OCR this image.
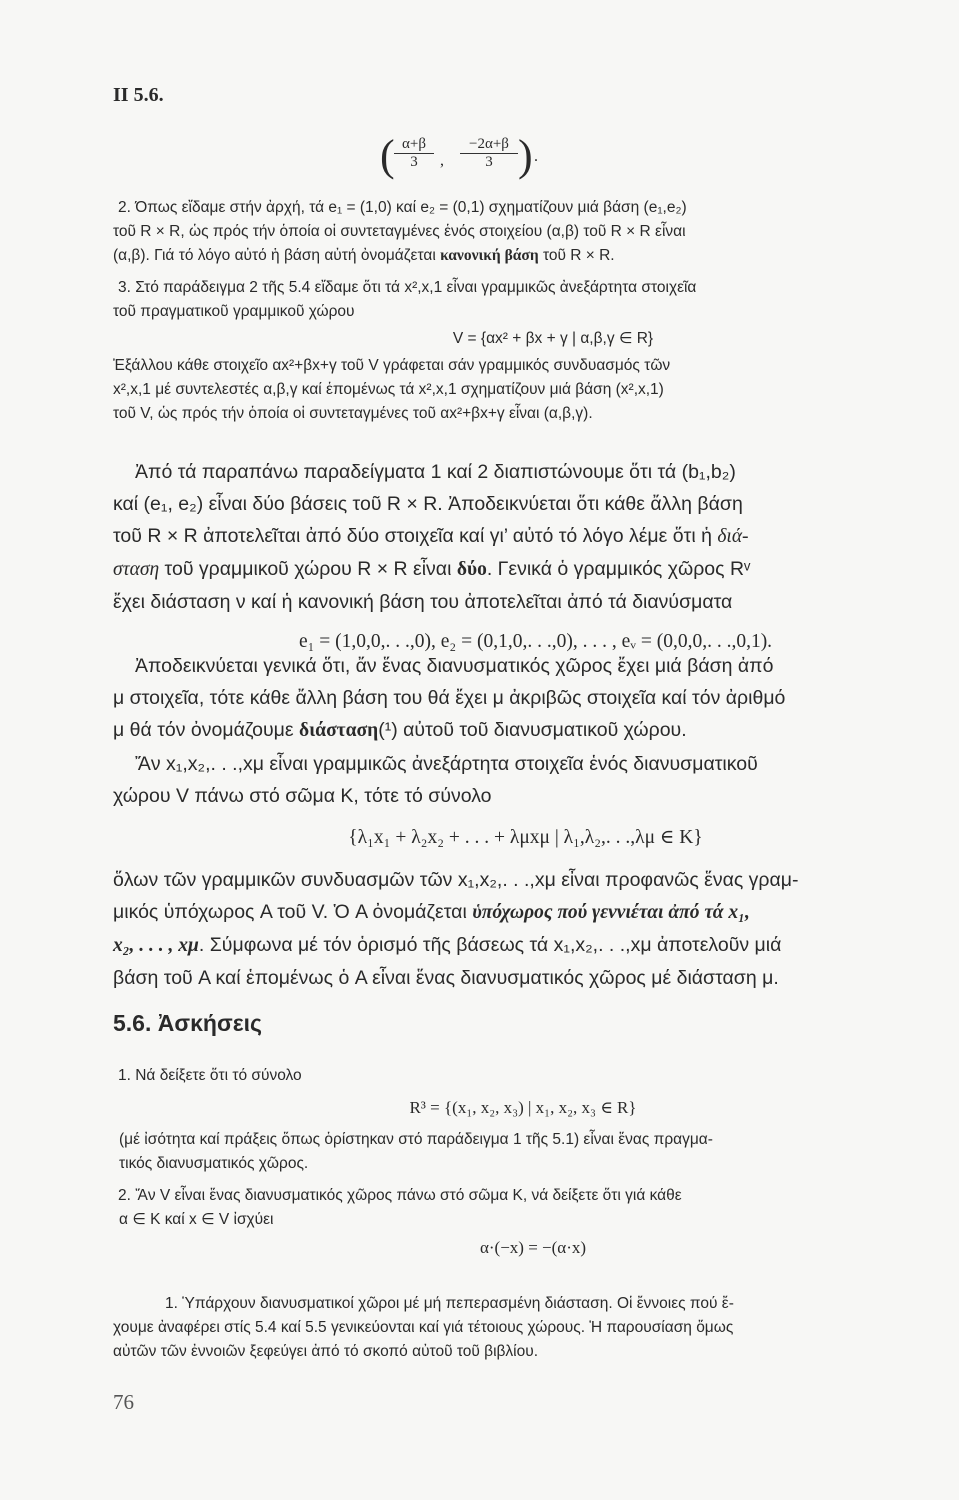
II 5.6.
( $\frac{\alpha+\beta}{3}$ , $\frac{-2\alpha+\beta}{3}$ ) .
2. Όπως εἴδαμε στήν ἀρχή, τά e₁ = (1,0) καί e₂ = (0,1) σχηματίζουν μιά βάση (e₁,e₂)
τοῦ R × R, ὡς πρός τήν ὁποία οἱ συντεταγμένες ἑνός στοιχείου (α,β) τοῦ R × R εἶναι
(α,β). Γιά τό λόγο αὐτό ἡ βάση αὐτή ὀνομάζεται κανονική βάση τοῦ R × R.
3. Στό παράδειγμα 2 τῆς 5.4 εἴδαμε ὅτι τά x²,x,1 εἶναι γραμμικῶς ἀνεξάρτητα στοιχεῖα
τοῦ πραγματικοῦ γραμμικοῦ χώρου
V = {αx² + βx + γ | α,β,γ ∈ R}
Ἐξάλλου κάθε στοιχεῖο αx²+βx+γ τοῦ V γράφεται σάν γραμμικός συνδυασμός τῶν
x²,x,1 μέ συντελεστές α,β,γ καί ἑπομένως τά x²,x,1 σχηματίζουν μιά βάση (x²,x,1)
τοῦ V, ὡς πρός τήν ὁποία οἱ συντεταγμένες τοῦ αx²+βx+γ εἶναι (α,β,γ).
Ἀπό τά παραπάνω παραδείγματα 1 καί 2 διαπιστώνουμε ὅτι τά (b₁,b₂)
καί (e₁, e₂) εἶναι δύο βάσεις τοῦ R × R. Ἀποδεικνύεται ὅτι κάθε ἄλλη βάση
τοῦ R × R ἀποτελεῖται ἀπό δύο στοιχεῖα καί γι’ αὐτό τό λόγο λέμε ὅτι ἡ διά-
σταση τοῦ γραμμικοῦ χώρου R × R εἶναι δύο. Γενικά ὁ γραμμικός χῶρος Rᵛ
ἔχει διάσταση ν καί ἡ κανονική βάση του ἀποτελεῖται ἀπό τά διανύσματα
e₁ = (1,0,0,. . .,0), e₂ = (0,1,0,. . .,0), . . . , eᵥ = (0,0,0,. . .,0,1).
Ἀποδεικνύεται γενικά ὅτι, ἄν ἕνας διανυσματικός χῶρος ἔχει μιά βάση ἀπό
μ στοιχεῖα, τότε κάθε ἄλλη βάση του θά ἔχει μ ἀκριβῶς στοιχεῖα καί τόν ἀριθμό
μ θά τόν ὀνομάζουμε διάσταση(¹) αὐτοῦ τοῦ διανυσματικοῦ χώρου.
Ἄν x₁,x₂,. . .,xμ εἶναι γραμμικῶς ἀνεξάρτητα στοιχεῖα ἑνός διανυσματικοῦ
χώρου V πάνω στό σῶμα K, τότε τό σύνολο
{λ₁x₁ + λ₂x₂ + . . . + λμxμ | λ₁,λ₂,. . .,λμ ∈ K}
ὅλων τῶν γραμμικῶν συνδυασμῶν τῶν x₁,x₂,. . .,xμ εἶναι προφανῶς ἕνας γραμ-
μικός ὑπόχωρος A τοῦ V. Ὁ A ὀνομάζεται ὑπόχωρος πού γεννιέται ἀπό τά x₁,
x₂, . . . , xμ. Σύμφωνα μέ τόν ὁρισμό τῆς βάσεως τά x₁,x₂,. . .,xμ ἀποτελοῦν μιά
βάση τοῦ A καί ἑπομένως ὁ A εἶναι ἕνας διανυσματικός χῶρος μέ διάσταση μ.
5.6. Ἀσκήσεις
1. Νά δείξετε ὅτι τό σύνολο
R³ = {(x₁, x₂, x₃) | x₁, x₂, x₃ ∈ R}
(μέ ἰσότητα καί πράξεις ὅπως ὁρίστηκαν στό παράδειγμα 1 τῆς 5.1) εἶναι ἕνας πραγμα-
τικός διανυσματικός χῶρος.
2. Ἄν V εἶναι ἕνας διανυσματικός χῶρος πάνω στό σῶμα K, νά δείξετε ὅτι γιά κάθε
α ∈ K καί x ∈ V ἰσχύει
α·(−x) = −(α·x)
1. Ὑπάρχουν διανυσματικοί χῶροι μέ μή πεπερασμένη διάσταση. Οἱ ἔννοιες πού ἔ-
χουμε ἀναφέρει στίς 5.4 καί 5.5 γενικεύονται καί γιά τέτοιους χώρους. Ἡ παρουσίαση ὅμως
αὐτῶν τῶν ἐννοιῶν ξεφεύγει ἀπό τό σκοπό αὐτοῦ τοῦ βιβλίου.
76
